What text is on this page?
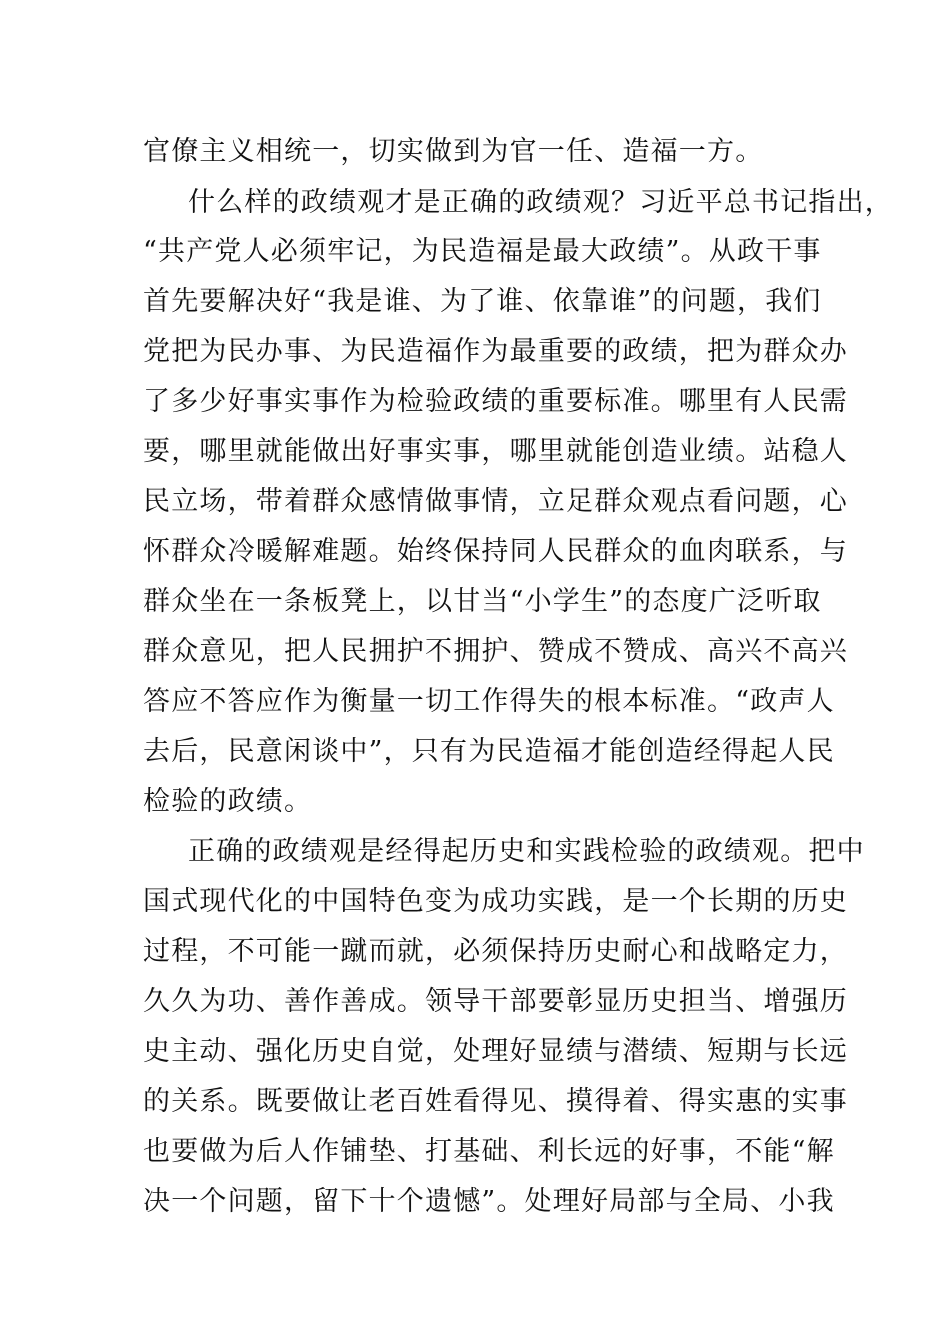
官僚主义相统一，切实做到为官一任、造福一方。
什么样的政绩观才是正确的政绩观？习近平总书记指出，
“共产党人必须牢记，为民造福是最大政绩”。从政干事
首先要解决好“我是谁、为了谁、依靠谁”的问题，我们
党把为民办事、为民造福作为最重要的政绩，把为群众办
了多少好事实事作为检验政绩的重要标准。哪里有人民需
要，哪里就能做出好事实事，哪里就能创造业绩。站稳人
民立场，带着群众感情做事情，立足群众观点看问题，心
怀群众冷暖解难题。始终保持同人民群众的血肉联系，与
群众坐在一条板凳上，以甘当“小学生”的态度广泛听取
群众意见，把人民拥护不拥护、赞成不赞成、高兴不高兴
答应不答应作为衡量一切工作得失的根本标准。“政声人
去后，民意闲谈中”，只有为民造福才能创造经得起人民
检验的政绩。
正确的政绩观是经得起历史和实践检验的政绩观。把中
国式现代化的中国特色变为成功实践，是一个长期的历史
过程，不可能一蹴而就，必须保持历史耐心和战略定力，
久久为功、善作善成。领导干部要彰显历史担当、增强历
史主动、强化历史自觉，处理好显绩与潜绩、短期与长远
的关系。既要做让老百姓看得见、摸得着、得实惠的实事
也要做为后人作铺垫、打基础、利长远的好事，不能“解
决一个问题，留下十个遗憾”。处理好局部与全局、小我
